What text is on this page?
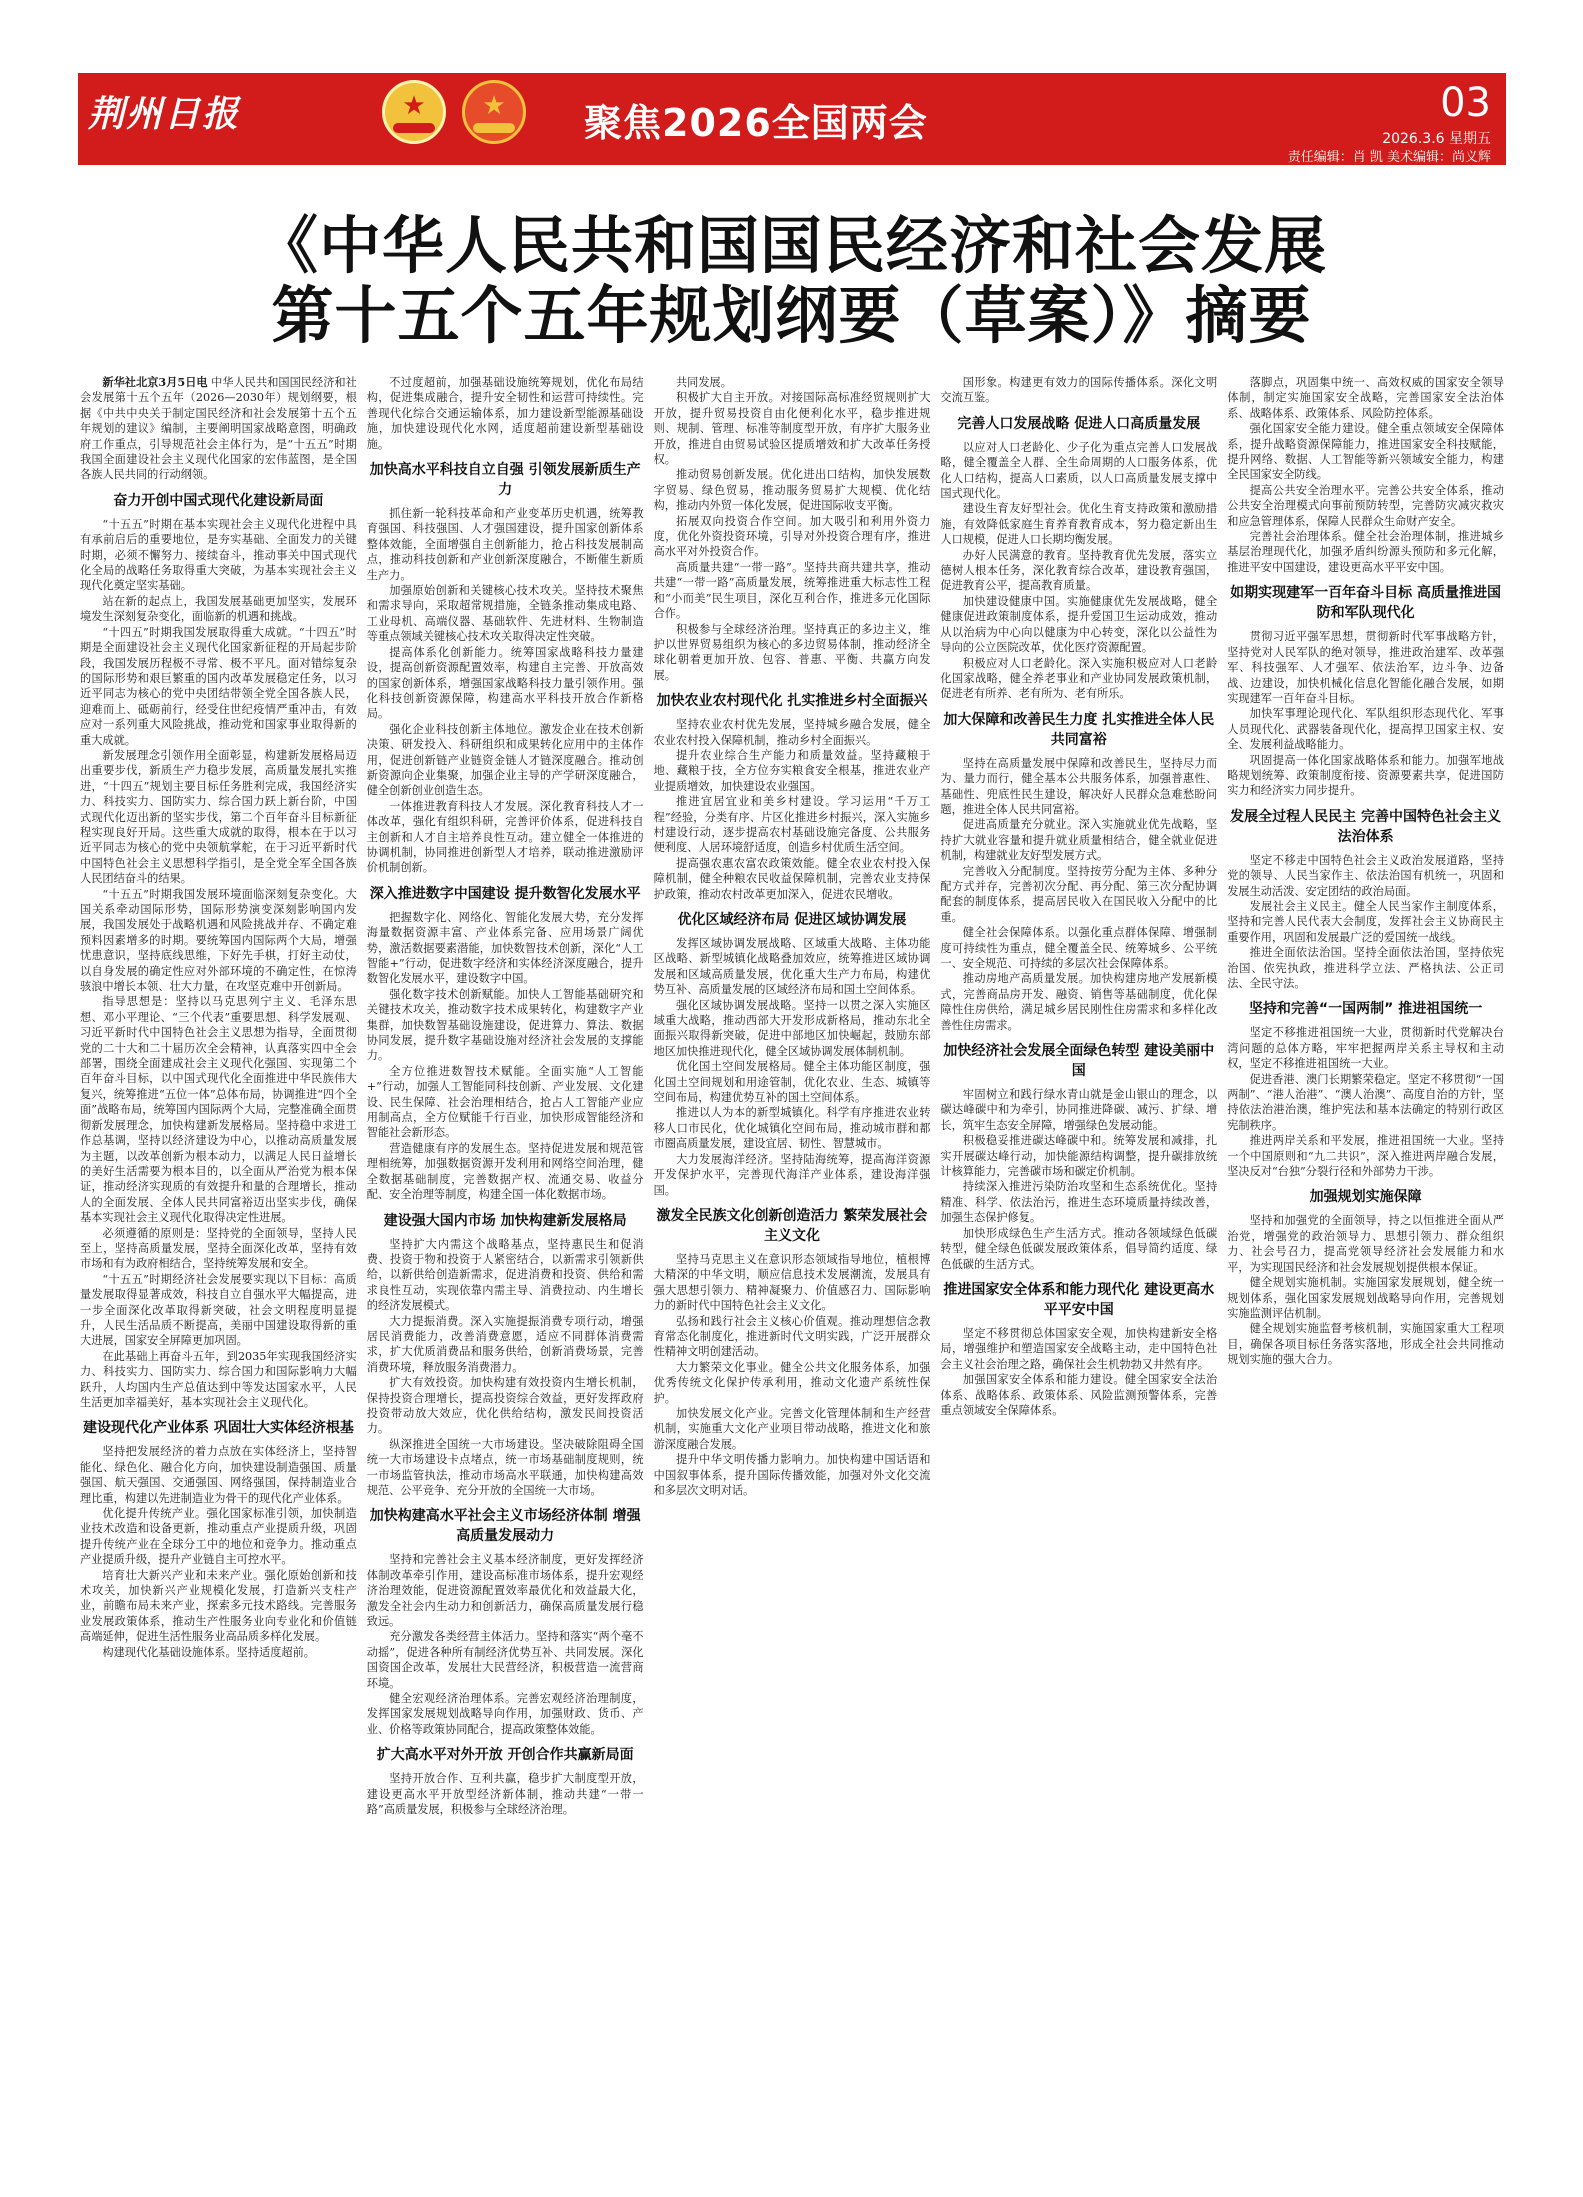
荆州日报	★	★	聚焦2026全国两会	03
2026.3.6 星期五
责任编辑：肖 凯 美术编辑：尚义辉
《中华人民共和国国民经济和社会发展
第十五个五年规划纲要（草案）》摘要

新华社北京3月5日电 中华人民共和国国民经济和社会发展第十五个五年（2026—2030年）规划纲要，根据《中共中央关于制定国民经济和社会发展第十五个五年规划的建议》编制，主要阐明国家战略意图，明确政府工作重点，引导规范社会主体行为，是“十五五”时期我国全面建设社会主义现代化国家的宏伟蓝图，是全国各族人民共同的行动纲领。

奋力开创中国式现代化建设新局面

“十五五”时期在基本实现社会主义现代化进程中具有承前启后的重要地位，是夯实基础、全面发力的关键时期，必须不懈努力、接续奋斗，推动事关中国式现代化全局的战略任务取得重大突破，为基本实现社会主义现代化奠定坚实基础。

站在新的起点上，我国发展基础更加坚实，发展环境发生深刻复杂变化，面临新的机遇和挑战。

“十四五”时期我国发展取得重大成就。“十四五”时期是全面建设社会主义现代化国家新征程的开局起步阶段，我国发展历程极不寻常、极不平凡。面对错综复杂的国际形势和艰巨繁重的国内改革发展稳定任务，以习近平同志为核心的党中央团结带领全党全国各族人民，迎难而上、砥砺前行，经受住世纪疫情严重冲击，有效应对一系列重大风险挑战，推动党和国家事业取得新的重大成就。

新发展理念引领作用全面彰显，构建新发展格局迈出重要步伐，新质生产力稳步发展，高质量发展扎实推进，“十四五”规划主要目标任务胜利完成，我国经济实力、科技实力、国防实力、综合国力跃上新台阶，中国式现代化迈出新的坚实步伐，第二个百年奋斗目标新征程实现良好开局。这些重大成就的取得，根本在于以习近平同志为核心的党中央领航掌舵，在于习近平新时代中国特色社会主义思想科学指引，是全党全军全国各族人民团结奋斗的结果。

“十五五”时期我国发展环境面临深刻复杂变化。大国关系牵动国际形势，国际形势演变深刻影响国内发展，我国发展处于战略机遇和风险挑战并存、不确定难预料因素增多的时期。要统筹国内国际两个大局，增强忧患意识，坚持底线思维，下好先手棋，打好主动仗，以自身发展的确定性应对外部环境的不确定性，在惊涛骇浪中增长本领、壮大力量，在攻坚克难中开创新局。

指导思想是：坚持以马克思列宁主义、毛泽东思想、邓小平理论、“三个代表”重要思想、科学发展观、习近平新时代中国特色社会主义思想为指导，全面贯彻党的二十大和二十届历次全会精神，认真落实四中全会部署，围绕全面建成社会主义现代化强国、实现第二个百年奋斗目标，以中国式现代化全面推进中华民族伟大复兴，统筹推进“五位一体”总体布局，协调推进“四个全面”战略布局，统筹国内国际两个大局，完整准确全面贯彻新发展理念，加快构建新发展格局。坚持稳中求进工作总基调，坚持以经济建设为中心，以推动高质量发展为主题，以改革创新为根本动力，以满足人民日益增长的美好生活需要为根本目的，以全面从严治党为根本保证，推动经济实现质的有效提升和量的合理增长，推动人的全面发展、全体人民共同富裕迈出坚实步伐，确保基本实现社会主义现代化取得决定性进展。

必须遵循的原则是：坚持党的全面领导，坚持人民至上，坚持高质量发展，坚持全面深化改革，坚持有效市场和有为政府相结合，坚持统筹发展和安全。

“十五五”时期经济社会发展要实现以下目标：高质量发展取得显著成效，科技自立自强水平大幅提高，进一步全面深化改革取得新突破，社会文明程度明显提升，人民生活品质不断提高，美丽中国建设取得新的重大进展，国家安全屏障更加巩固。

在此基础上再奋斗五年，到2035年实现我国经济实力、科技实力、国防实力、综合国力和国际影响力大幅跃升，人均国内生产总值达到中等发达国家水平，人民生活更加幸福美好，基本实现社会主义现代化。

建设现代化产业体系 巩固壮大实体经济根基

坚持把发展经济的着力点放在实体经济上，坚持智能化、绿色化、融合化方向，加快建设制造强国、质量强国、航天强国、交通强国、网络强国，保持制造业合理比重，构建以先进制造业为骨干的现代化产业体系。

优化提升传统产业。强化国家标准引领，加快制造业技术改造和设备更新，推动重点产业提质升级，巩固提升传统产业在全球分工中的地位和竞争力。推动重点产业提质升级，提升产业链自主可控水平。

培育壮大新兴产业和未来产业。强化原始创新和技术攻关，加快新兴产业规模化发展，打造新兴支柱产业，前瞻布局未来产业，探索多元技术路线。完善服务业发展政策体系，推动生产性服务业向专业化和价值链高端延伸，促进生活性服务业高品质多样化发展。

构建现代化基础设施体系。坚持适度超前。

不过度超前，加强基础设施统筹规划，优化布局结构，促进集成融合，提升安全韧性和运营可持续性。完善现代化综合交通运输体系，加力建设新型能源基础设施，加快建设现代化水网，适度超前建设新型基础设施。

加快高水平科技自立自强 引领发展新质生产力

抓住新一轮科技革命和产业变革历史机遇，统筹教育强国、科技强国、人才强国建设，提升国家创新体系整体效能，全面增强自主创新能力，抢占科技发展制高点，推动科技创新和产业创新深度融合，不断催生新质生产力。

加强原始创新和关键核心技术攻关。坚持技术聚焦和需求导向，采取超常规措施，全链条推动集成电路、工业母机、高端仪器、基础软件、先进材料、生物制造等重点领域关键核心技术攻关取得决定性突破。

提高体系化创新能力。统筹国家战略科技力量建设，提高创新资源配置效率，构建自主完善、开放高效的国家创新体系，增强国家战略科技力量引领作用。强化科技创新资源保障，构建高水平科技开放合作新格局。

强化企业科技创新主体地位。激发企业在技术创新决策、研发投入、科研组织和成果转化应用中的主体作用，促进创新链产业链资金链人才链深度融合。推动创新资源向企业集聚，加强企业主导的产学研深度融合，健全创新创业创造生态。

一体推进教育科技人才发展。深化教育科技人才一体改革，强化有组织科研，完善评价体系，促进科技自主创新和人才自主培养良性互动。建立健全一体推进的协调机制，协同推进创新型人才培养，联动推进激励评价机制创新。

深入推进数字中国建设 提升数智化发展水平

把握数字化、网络化、智能化发展大势，充分发挥海量数据资源丰富、产业体系完备、应用场景广阔优势，激活数据要素潜能，加快数智技术创新，深化“人工智能+”行动，促进数字经济和实体经济深度融合，提升数智化发展水平，建设数字中国。

强化数字技术创新赋能。加快人工智能基础研究和关键技术攻关，推动数字技术成果转化，构建数字产业集群，加快数智基础设施建设，促进算力、算法、数据协同发展，提升数字基础设施对经济社会发展的支撑能力。

全方位推进数智技术赋能。全面实施“人工智能+”行动，加强人工智能同科技创新、产业发展、文化建设、民生保障、社会治理相结合，抢占人工智能产业应用制高点，全方位赋能千行百业，加快形成智能经济和智能社会新形态。

营造健康有序的发展生态。坚持促进发展和规范管理相统筹，加强数据资源开发利用和网络空间治理，健全数据基础制度，完善数据产权、流通交易、收益分配、安全治理等制度，构建全国一体化数据市场。

建设强大国内市场 加快构建新发展格局

坚持扩大内需这个战略基点，坚持惠民生和促消费、投资于物和投资于人紧密结合，以新需求引领新供给，以新供给创造新需求，促进消费和投资、供给和需求良性互动，实现依靠内需主导、消费拉动、内生增长的经济发展模式。

大力提振消费。深入实施提振消费专项行动，增强居民消费能力，改善消费意愿，适应不同群体消费需求，扩大优质消费品和服务供给，创新消费场景，完善消费环境，释放服务消费潜力。

扩大有效投资。加快构建有效投资内生增长机制，保持投资合理增长，提高投资综合效益，更好发挥政府投资带动放大效应，优化供给结构，激发民间投资活力。

纵深推进全国统一大市场建设。坚决破除阻碍全国统一大市场建设卡点堵点，统一市场基础制度规则，统一市场监管执法，推动市场高水平联通，加快构建高效规范、公平竞争、充分开放的全国统一大市场。

加快构建高水平社会主义市场经济体制 增强高质量发展动力

坚持和完善社会主义基本经济制度，更好发挥经济体制改革牵引作用，建设高标准市场体系，提升宏观经济治理效能，促进资源配置效率最优化和效益最大化，激发全社会内生动力和创新活力，确保高质量发展行稳致远。

充分激发各类经营主体活力。坚持和落实“两个毫不动摇”，促进各种所有制经济优势互补、共同发展。深化国资国企改革，发展壮大民营经济，积极营造一流营商环境。

健全宏观经济治理体系。完善宏观经济治理制度，发挥国家发展规划战略导向作用，加强财政、货币、产业、价格等政策协同配合，提高政策整体效能。

扩大高水平对外开放 开创合作共赢新局面

坚持开放合作、互利共赢，稳步扩大制度型开放，建设更高水平开放型经济新体制，推动共建“一带一路”高质量发展，积极参与全球经济治理。

共同发展。

积极扩大自主开放。对接国际高标准经贸规则扩大开放，提升贸易投资自由化便利化水平，稳步推进规则、规制、管理、标准等制度型开放，有序扩大服务业开放，推进自由贸易试验区提质增效和扩大改革任务授权。

推动贸易创新发展。优化进出口结构，加快发展数字贸易、绿色贸易，推动服务贸易扩大规模、优化结构，推动内外贸一体化发展，促进国际收支平衡。

拓展双向投资合作空间。加大吸引和利用外资力度，优化外资投资环境，引导对外投资合理有序，推进高水平对外投资合作。

高质量共建“一带一路”。坚持共商共建共享，推动共建“一带一路”高质量发展，统筹推进重大标志性工程和“小而美”民生项目，深化互利合作，推进多元化国际合作。

积极参与全球经济治理。坚持真正的多边主义，维护以世界贸易组织为核心的多边贸易体制，推动经济全球化朝着更加开放、包容、普惠、平衡、共赢方向发展。

加快农业农村现代化 扎实推进乡村全面振兴

坚持农业农村优先发展，坚持城乡融合发展，健全农业农村投入保障机制，推动乡村全面振兴。

提升农业综合生产能力和质量效益。坚持藏粮于地、藏粮于技，全方位夯实粮食安全根基，推进农业产业提质增效，加快建设农业强国。

推进宜居宜业和美乡村建设。学习运用“千万工程”经验，分类有序、片区化推进乡村振兴，深入实施乡村建设行动，逐步提高农村基础设施完备度、公共服务便利度、人居环境舒适度，创造乡村优质生活空间。

提高强农惠农富农政策效能。健全农业农村投入保障机制，健全种粮农民收益保障机制，完善农业支持保护政策，推动农村改革更加深入，促进农民增收。

优化区域经济布局 促进区域协调发展

发挥区域协调发展战略、区域重大战略、主体功能区战略、新型城镇化战略叠加效应，统筹推进区域协调发展和区域高质量发展，优化重大生产力布局，构建优势互补、高质量发展的区域经济布局和国土空间体系。

强化区域协调发展战略。坚持一以贯之深入实施区域重大战略，推动西部大开发形成新格局，推动东北全面振兴取得新突破，促进中部地区加快崛起，鼓励东部地区加快推进现代化，健全区域协调发展体制机制。

优化国土空间发展格局。健全主体功能区制度，强化国土空间规划和用途管制，优化农业、生态、城镇等空间布局，构建优势互补的国土空间体系。

推进以人为本的新型城镇化。科学有序推进农业转移人口市民化，优化城镇化空间布局，推动城市群和都市圈高质量发展，建设宜居、韧性、智慧城市。

大力发展海洋经济。坚持陆海统筹，提高海洋资源开发保护水平，完善现代海洋产业体系，建设海洋强国。

激发全民族文化创新创造活力 繁荣发展社会主义文化

坚持马克思主义在意识形态领域指导地位，植根博大精深的中华文明，顺应信息技术发展潮流，发展具有强大思想引领力、精神凝聚力、价值感召力、国际影响力的新时代中国特色社会主义文化。

弘扬和践行社会主义核心价值观。推动理想信念教育常态化制度化，推进新时代文明实践，广泛开展群众性精神文明创建活动。

大力繁荣文化事业。健全公共文化服务体系，加强优秀传统文化保护传承利用，推动文化遗产系统性保护。

加快发展文化产业。完善文化管理体制和生产经营机制，实施重大文化产业项目带动战略，推进文化和旅游深度融合发展。

提升中华文明传播力影响力。加快构建中国话语和中国叙事体系，提升国际传播效能，加强对外文化交流和多层次文明对话。

国形象。构建更有效力的国际传播体系。深化文明交流互鉴。

完善人口发展战略 促进人口高质量发展

以应对人口老龄化、少子化为重点完善人口发展战略，健全覆盖全人群、全生命周期的人口服务体系，优化人口结构，提高人口素质，以人口高质量发展支撑中国式现代化。

建设生育友好型社会。优化生育支持政策和激励措施，有效降低家庭生育养育教育成本，努力稳定新出生人口规模，促进人口长期均衡发展。

办好人民满意的教育。坚持教育优先发展，落实立德树人根本任务，深化教育综合改革，建设教育强国，促进教育公平，提高教育质量。

加快建设健康中国。实施健康优先发展战略，健全健康促进政策制度体系，提升爱国卫生运动成效，推动从以治病为中心向以健康为中心转变，深化以公益性为导向的公立医院改革，优化医疗资源配置。

积极应对人口老龄化。深入实施积极应对人口老龄化国家战略，健全养老事业和产业协同发展政策机制，促进老有所养、老有所为、老有所乐。

加大保障和改善民生力度 扎实推进全体人民共同富裕

坚持在高质量发展中保障和改善民生，坚持尽力而为、量力而行，健全基本公共服务体系，加强普惠性、基础性、兜底性民生建设，解决好人民群众急难愁盼问题，推进全体人民共同富裕。

促进高质量充分就业。深入实施就业优先战略，坚持扩大就业容量和提升就业质量相结合，健全就业促进机制，构建就业友好型发展方式。

完善收入分配制度。坚持按劳分配为主体、多种分配方式并存，完善初次分配、再分配、第三次分配协调配套的制度体系，提高居民收入在国民收入分配中的比重。

健全社会保障体系。以强化重点群体保障、增强制度可持续性为重点，健全覆盖全民、统筹城乡、公平统一、安全规范、可持续的多层次社会保障体系。

推动房地产高质量发展。加快构建房地产发展新模式，完善商品房开发、融资、销售等基础制度，优化保障性住房供给，满足城乡居民刚性住房需求和多样化改善性住房需求。

加快经济社会发展全面绿色转型 建设美丽中国

牢固树立和践行绿水青山就是金山银山的理念，以碳达峰碳中和为牵引，协同推进降碳、减污、扩绿、增长，筑牢生态安全屏障，增强绿色发展动能。

积极稳妥推进碳达峰碳中和。统筹发展和减排，扎实开展碳达峰行动，加快能源结构调整，提升碳排放统计核算能力，完善碳市场和碳定价机制。

持续深入推进污染防治攻坚和生态系统优化。坚持精准、科学、依法治污，推进生态环境质量持续改善，加强生态保护修复。

加快形成绿色生产生活方式。推动各领域绿色低碳转型，健全绿色低碳发展政策体系，倡导简约适度、绿色低碳的生活方式。

推进国家安全体系和能力现代化 建设更高水平平安中国

坚定不移贯彻总体国家安全观，加快构建新安全格局，增强维护和塑造国家安全战略主动，走中国特色社会主义社会治理之路，确保社会生机勃勃又井然有序。

加强国家安全体系和能力建设。健全国家安全法治体系、战略体系、政策体系、风险监测预警体系，完善重点领域安全保障体系。

落脚点，巩固集中统一、高效权威的国家安全领导体制，制定实施国家安全战略，完善国家安全法治体系、战略体系、政策体系、风险防控体系。

强化国家安全能力建设。健全重点领域安全保障体系，提升战略资源保障能力，推进国家安全科技赋能，提升网络、数据、人工智能等新兴领域安全能力，构建全民国家安全防线。

提高公共安全治理水平。完善公共安全体系，推动公共安全治理模式向事前预防转型，完善防灾减灾救灾和应急管理体系，保障人民群众生命财产安全。

完善社会治理体系。健全社会治理体制，推进城乡基层治理现代化，加强矛盾纠纷源头预防和多元化解，推进平安中国建设，建设更高水平平安中国。

如期实现建军一百年奋斗目标 高质量推进国防和军队现代化

贯彻习近平强军思想，贯彻新时代军事战略方针，坚持党对人民军队的绝对领导，推进政治建军、改革强军、科技强军、人才强军、依法治军，边斗争、边备战、边建设，加快机械化信息化智能化融合发展，如期实现建军一百年奋斗目标。

加快军事理论现代化、军队组织形态现代化、军事人员现代化、武器装备现代化，提高捍卫国家主权、安全、发展利益战略能力。

巩固提高一体化国家战略体系和能力。加强军地战略规划统筹、政策制度衔接、资源要素共享，促进国防实力和经济实力同步提升。

发展全过程人民民主 完善中国特色社会主义法治体系

坚定不移走中国特色社会主义政治发展道路，坚持党的领导、人民当家作主、依法治国有机统一，巩固和发展生动活泼、安定团结的政治局面。

发展社会主义民主。健全人民当家作主制度体系，坚持和完善人民代表大会制度，发挥社会主义协商民主重要作用，巩固和发展最广泛的爱国统一战线。

推进全面依法治国。坚持全面依法治国，坚持依宪治国、依宪执政，推进科学立法、严格执法、公正司法、全民守法。

坚持和完善“一国两制” 推进祖国统一

坚定不移推进祖国统一大业，贯彻新时代党解决台湾问题的总体方略，牢牢把握两岸关系主导权和主动权，坚定不移推进祖国统一大业。

促进香港、澳门长期繁荣稳定。坚定不移贯彻“一国两制”、“港人治港”、“澳人治澳”、高度自治的方针，坚持依法治港治澳，维护宪法和基本法确定的特别行政区宪制秩序。

推进两岸关系和平发展，推进祖国统一大业。坚持一个中国原则和“九二共识”，深入推进两岸融合发展，坚决反对“台独”分裂行径和外部势力干涉。

加强规划实施保障

坚持和加强党的全面领导，持之以恒推进全面从严治党，增强党的政治领导力、思想引领力、群众组织力、社会号召力，提高党领导经济社会发展能力和水平，为实现国民经济和社会发展规划提供根本保证。

健全规划实施机制。实施国家发展规划，健全统一规划体系，强化国家发展规划战略导向作用，完善规划实施监测评估机制。

健全规划实施监督考核机制，实施国家重大工程项目，确保各项目标任务落实落地，形成全社会共同推动规划实施的强大合力。
